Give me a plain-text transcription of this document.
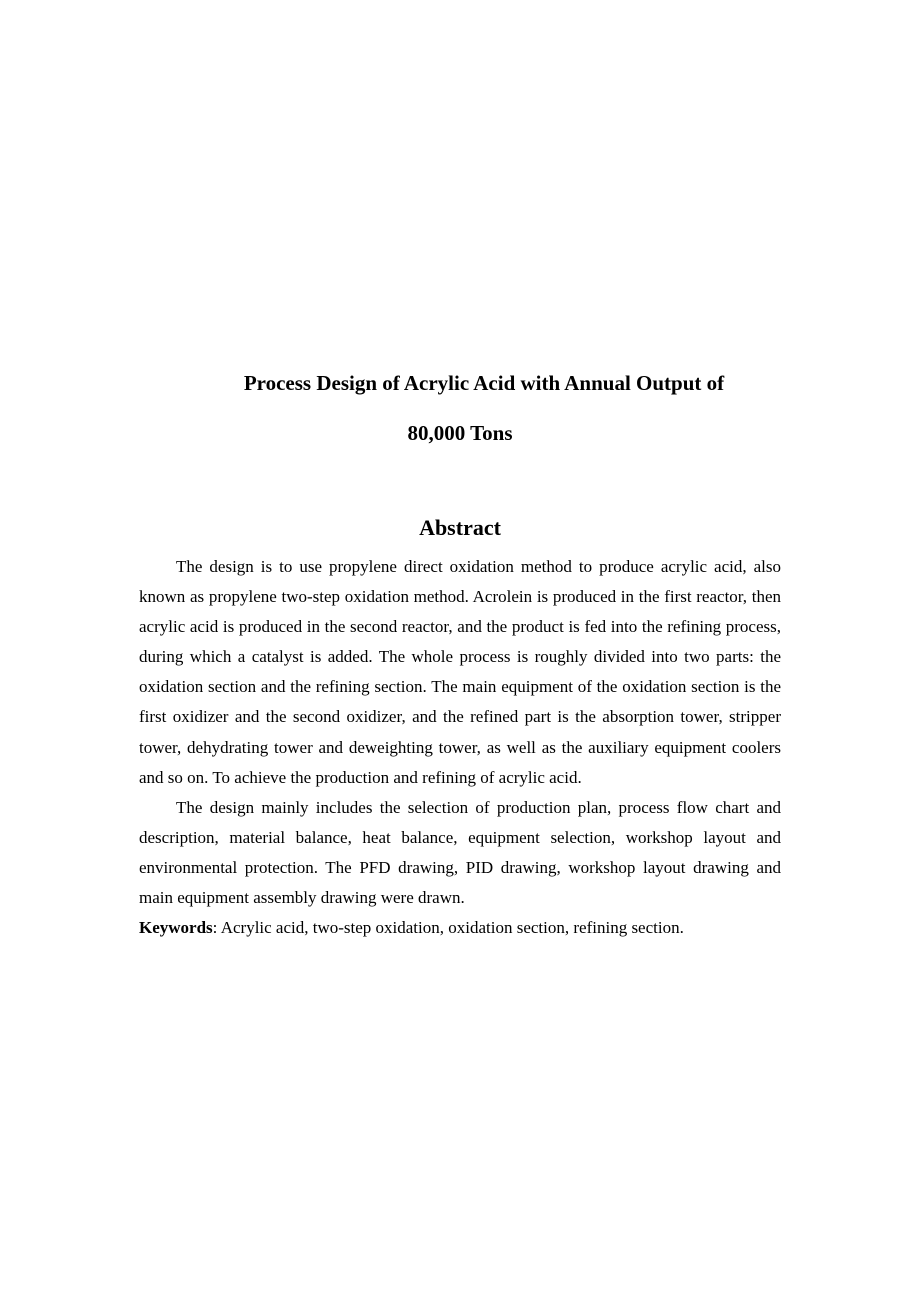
Process Design of Acrylic Acid with Annual Output of
80,000 Tons
Abstract

The design is to use propylene direct oxidation method to produce acrylic acid, also known as propylene two-step oxidation method. Acrolein is produced in the first reactor, then acrylic acid is produced in the second reactor, and the product is fed into the refining process, during which a catalyst is added. The whole process is roughly divided into two parts: the oxidation section and the refining section. The main equipment of the oxidation section is the first oxidizer and the second oxidizer, and the refined part is the absorption tower, stripper tower, dehydrating tower and deweighting tower, as well as the auxiliary equipment coolers and so on. To achieve the production and refining of acrylic acid.

The design mainly includes the selection of production plan, process flow chart and description, material balance, heat balance, equipment selection, workshop layout and environmental protection. The PFD drawing, PID drawing, workshop layout drawing and main equipment assembly drawing were drawn.

Keywords: Acrylic acid, two-step oxidation, oxidation section, refining section.
